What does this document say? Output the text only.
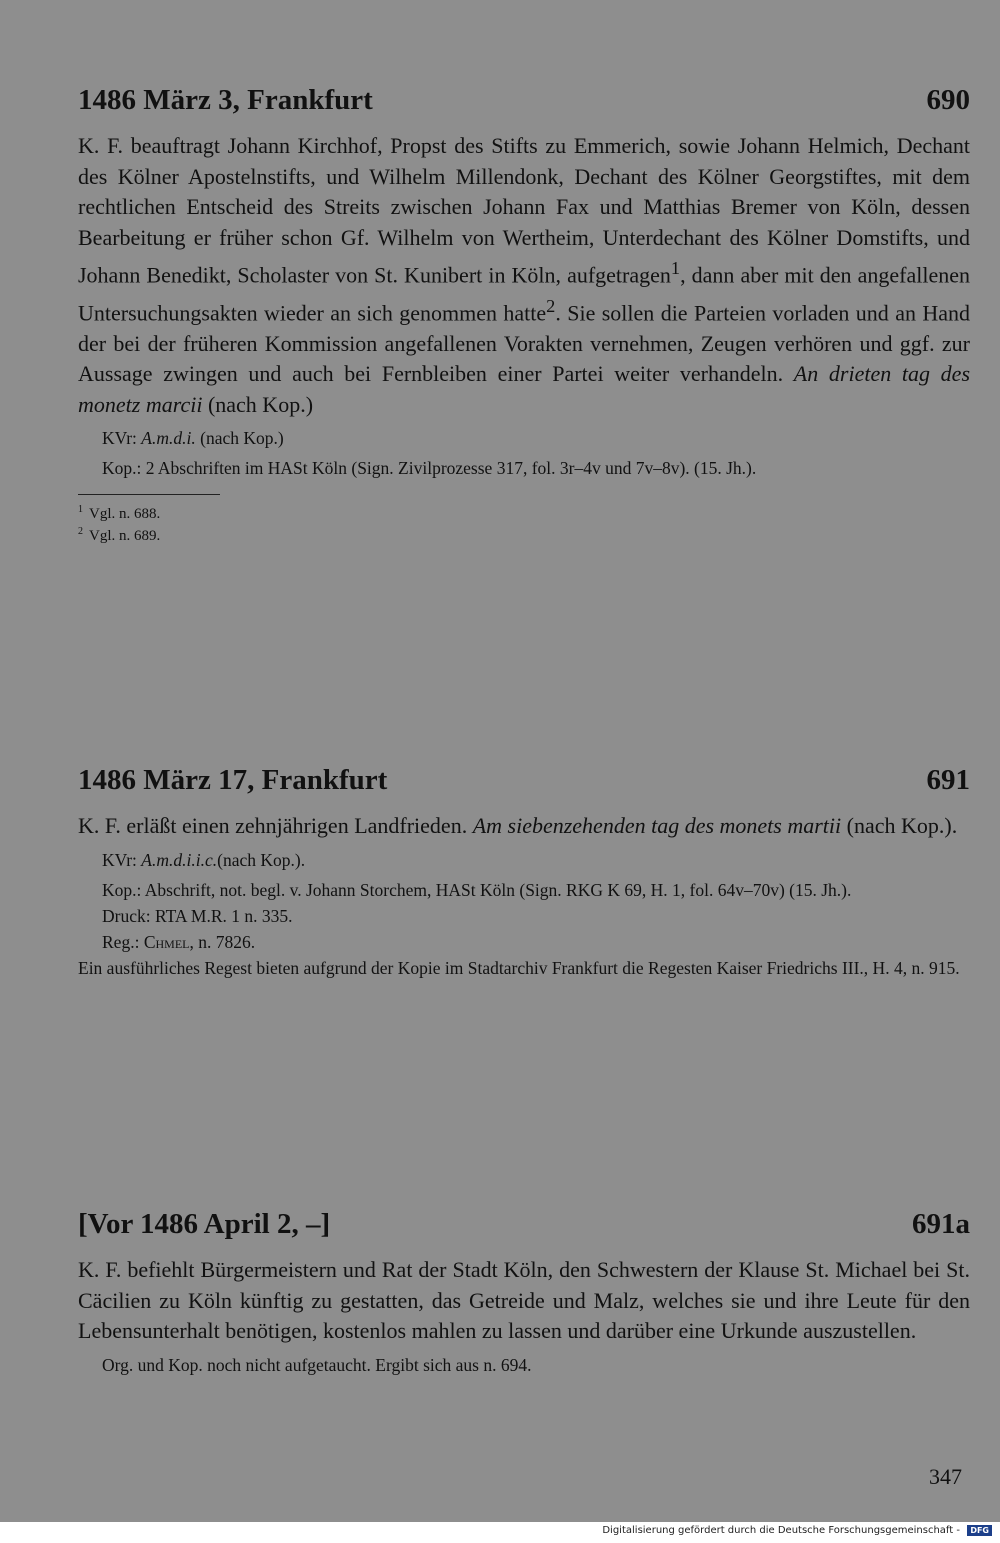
1486 März 3, Frankfurt	690

K. F. beauftragt Johann Kirchhof, Propst des Stifts zu Emmerich, sowie Johann Helmich, Dechant des Kölner Apostelnstifts, und Wilhelm Millendonk, Dechant des Kölner Georgstiftes, mit dem rechtlichen Entscheid des Streits zwischen Johann Fax und Matthias Bremer von Köln, dessen Bearbeitung er früher schon Gf. Wilhelm von Wertheim, Unterdechant des Kölner Domstifts, und Johann Benedikt, Scholaster von St. Kunibert in Köln, aufgetragen$^1$, dann aber mit den angefallenen Untersuchungsakten wieder an sich genommen hatte$^2$. Sie sollen die Parteien vorladen und an Hand der bei der früheren Kommission angefallenen Vorakten vernehmen, Zeugen verhören und ggf. zur Aussage zwingen und auch bei Fernbleiben einer Partei weiter verhandeln. An drieten tag des monetz marcii (nach Kop.)

KVr: A.m.d.i. (nach Kop.)

Kop.: 2 Abschriften im HASt Köln (Sign. Zivilprozesse 317, fol. 3r–4v und 7v–8v). (15. Jh.).

$^1$ Vgl. n. 688.
$^2$ Vgl. n. 689.
1486 März 17, Frankfurt	691

K. F. erläßt einen zehnjährigen Landfrieden. Am siebenzehenden tag des monets martii (nach Kop.).

KVr: A.m.d.i.i.c.(nach Kop.).

Kop.: Abschrift, not. begl. v. Johann Storchem, HASt Köln (Sign. RKG K 69, H. 1, fol. 64v–70v) (15. Jh.).

Druck: RTA M.R. 1 n. 335.

Reg.: Chmel, n. 7826.

Ein ausführliches Regest bieten aufgrund der Kopie im Stadtarchiv Frankfurt die Regesten Kaiser Friedrichs III., H. 4, n. 915.

[Vor 1486 April 2, –]	691a

K. F. befiehlt Bürgermeistern und Rat der Stadt Köln, den Schwestern der Klause St. Michael bei St. Cäcilien zu Köln künftig zu gestatten, das Getreide und Malz, welches sie und ihre Leute für den Lebensunterhalt benötigen, kostenlos mahlen zu lassen und darüber eine Urkunde auszustellen.

Org. und Kop. noch nicht aufgetaucht. Ergibt sich aus n. 694.

347
Digitalisierung gefördert durch die Deutsche Forschungsgemeinschaft -	DFG
